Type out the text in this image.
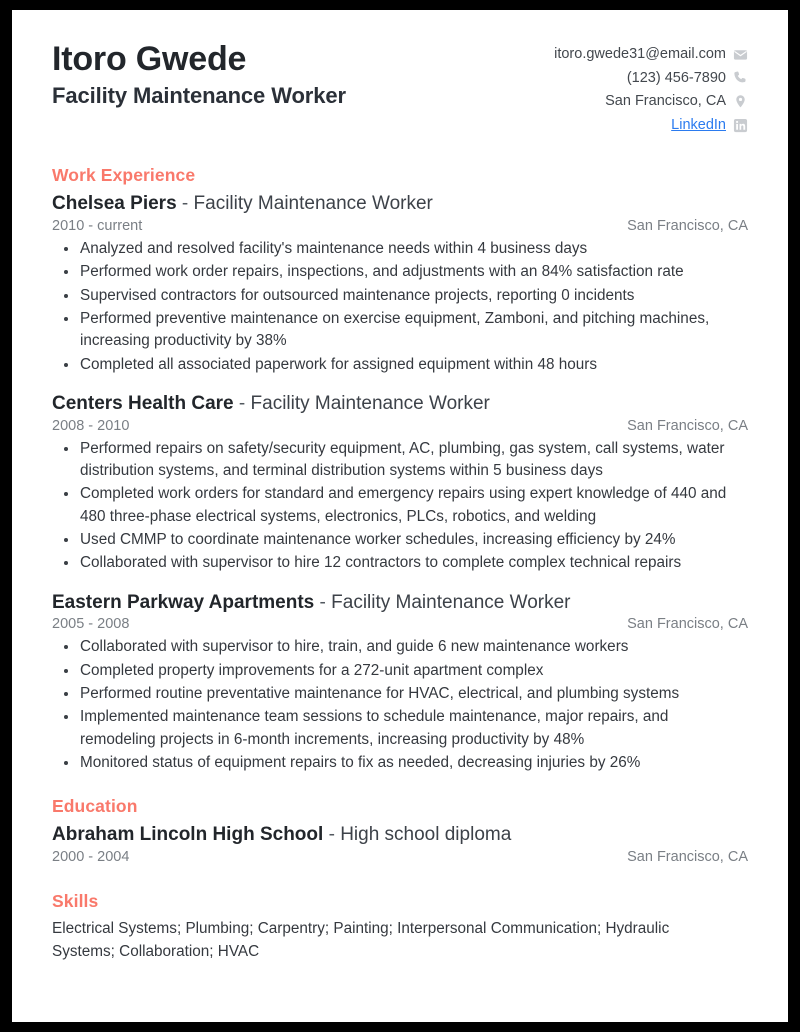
Itoro Gwede
Facility Maintenance Worker
itoro.gwede31@email.com
(123) 456-7890
San Francisco, CA
LinkedIn
Work Experience
Chelsea Piers - Facility Maintenance Worker
2010 - current	San Francisco, CA
Analyzed and resolved facility's maintenance needs within 4 business days
Performed work order repairs, inspections, and adjustments with an 84% satisfaction rate
Supervised contractors for outsourced maintenance projects, reporting 0 incidents
Performed preventive maintenance on exercise equipment, Zamboni, and pitching machines, increasing productivity by 38%
Completed all associated paperwork for assigned equipment within 48 hours
Centers Health Care - Facility Maintenance Worker
2008 - 2010	San Francisco, CA
Performed repairs on safety/security equipment, AC, plumbing, gas system, call systems, water distribution systems, and terminal distribution systems within 5 business days
Completed work orders for standard and emergency repairs using expert knowledge of 440 and 480 three-phase electrical systems, electronics, PLCs, robotics, and welding
Used CMMP to coordinate maintenance worker schedules, increasing efficiency by 24%
Collaborated with supervisor to hire 12 contractors to complete complex technical repairs
Eastern Parkway Apartments - Facility Maintenance Worker
2005 - 2008	San Francisco, CA
Collaborated with supervisor to hire, train, and guide 6 new maintenance workers
Completed property improvements for a 272-unit apartment complex
Performed routine preventative maintenance for HVAC, electrical, and plumbing systems
Implemented maintenance team sessions to schedule maintenance, major repairs, and remodeling projects in 6-month increments, increasing productivity by 48%
Monitored status of equipment repairs to fix as needed, decreasing injuries by 26%
Education
Abraham Lincoln High School - High school diploma
2000 - 2004	San Francisco, CA
Skills
Electrical Systems; Plumbing; Carpentry; Painting; Interpersonal Communication; Hydraulic Systems; Collaboration; HVAC
